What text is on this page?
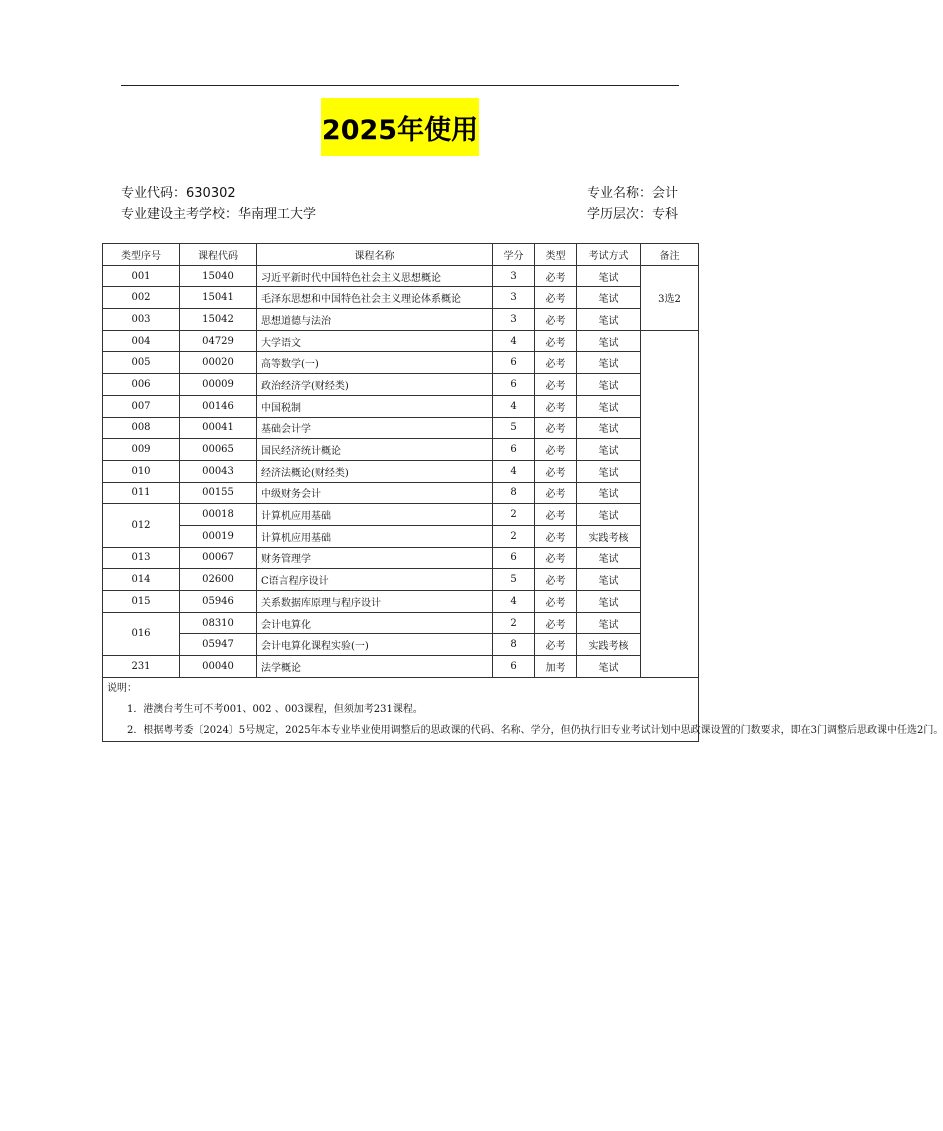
2025年使用
专业代码：630302
专业建设主考学校：华南理工大学
专业名称：会计
学历层次：专科
类型序号	课程代码	课程名称	学分	类型	考试方式	备注
001	15040	习近平新时代中国特色社会主义思想概论	3	必考	笔试	3选2
002	15041	毛泽东思想和中国特色社会主义理论体系概论	3	必考	笔试	
003	15042	思想道德与法治	3	必考	笔试	
004	04729	大学语文	4	必考	笔试	
005	00020	高等数学(一)	6	必考	笔试	
006	00009	政治经济学(财经类)	6	必考	笔试	
007	00146	中国税制	4	必考	笔试	
008	00041	基础会计学	5	必考	笔试	
009	00065	国民经济统计概论	6	必考	笔试	
010	00043	经济法概论(财经类)	4	必考	笔试	
011	00155	中级财务会计	8	必考	笔试	
012	00018	计算机应用基础	2	必考	笔试	
	00019	计算机应用基础	2	必考	实践考核	
013	00067	财务管理学	6	必考	笔试	
014	02600	C语言程序设计	5	必考	笔试	
015	05946	关系数据库原理与程序设计	4	必考	笔试	
016	08310	会计电算化	2	必考	笔试	
	05947	会计电算化课程实验(一)	8	必考	实践考核	
231	00040	法学概论	6	加考	笔试	

说明：
1．港澳台考生可不考001、002 、003课程，但须加考231课程。
2．根据粤考委〔2024〕5号规定，2025年本专业毕业使用调整后的思政课的代码、名称、学分，但仍执行旧专业考试计划中思政课设置的门数要求，即在3门调整后思政课中任选2门。						
